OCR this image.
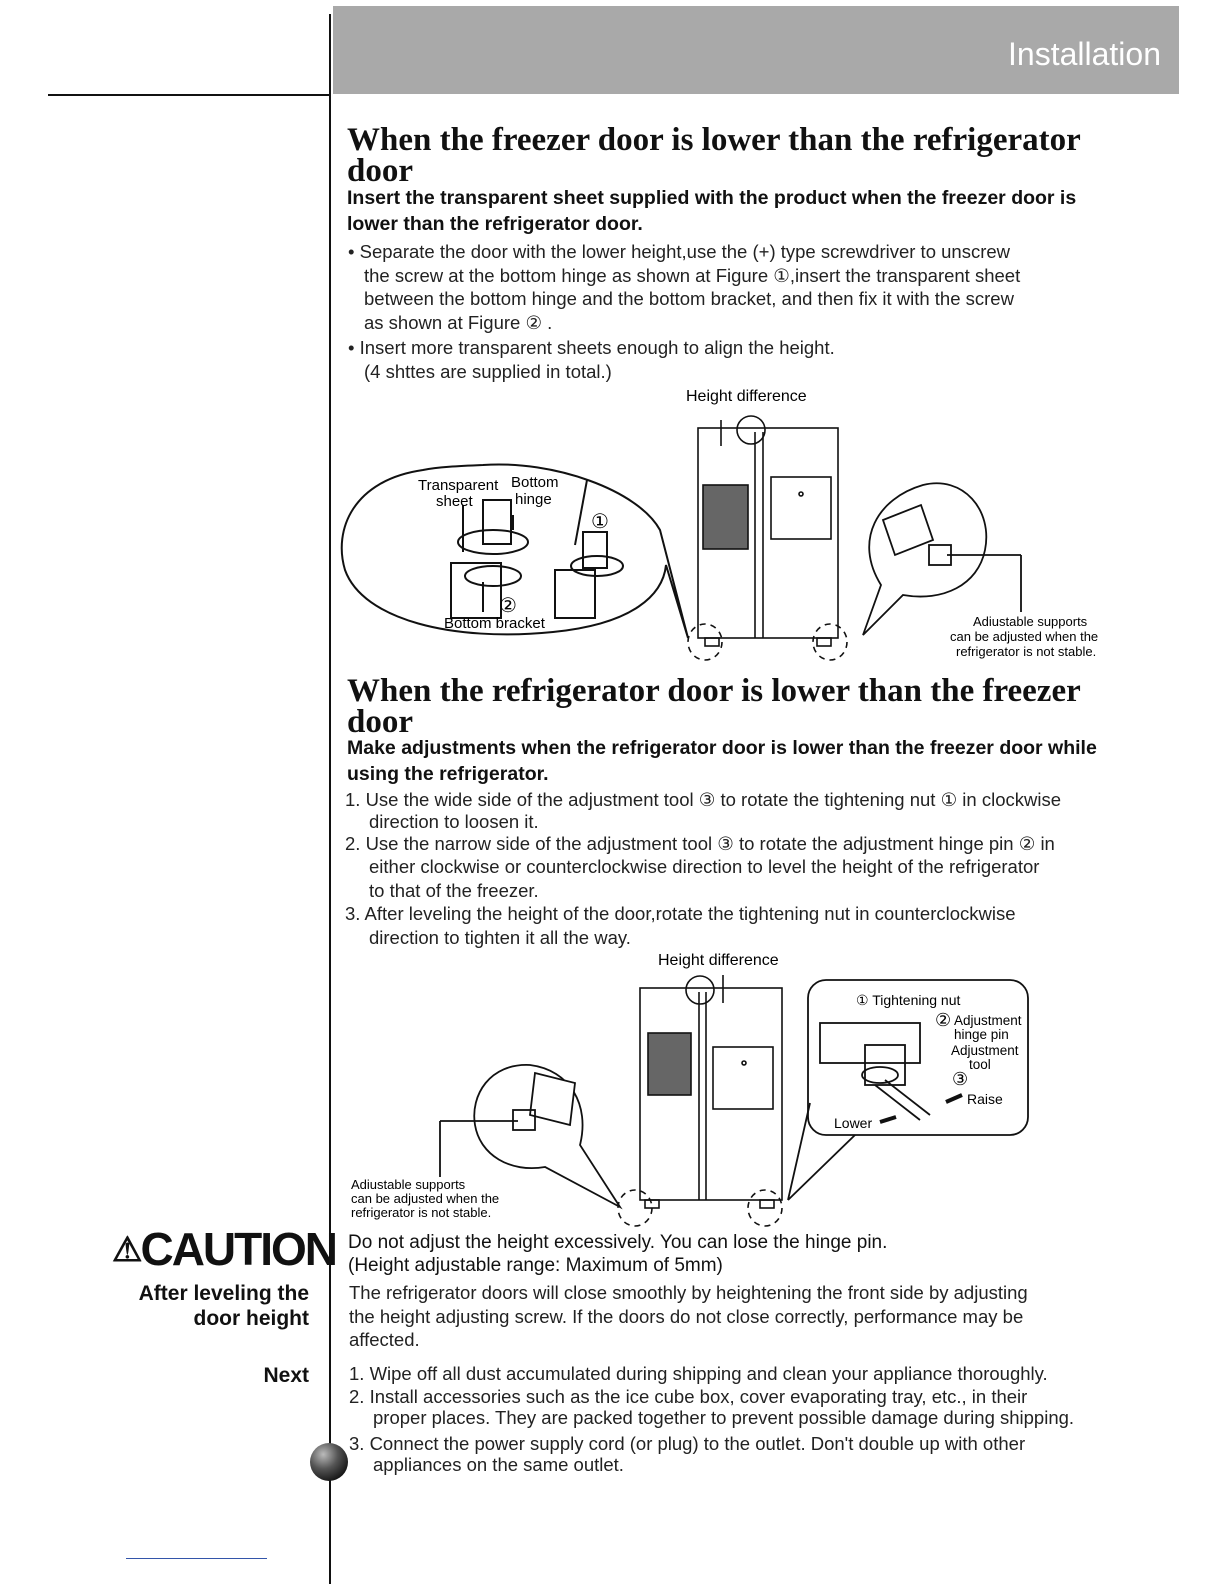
Installation
When the freezer door is lower than the refrigerator door
Insert the transparent sheet supplied with the product when the freezer door is lower than the refrigerator door.

• Separate the door with the lower height,use the (+) type screwdriver to unscrew

the screw at the bottom hinge as shown at Figure ①,insert the transparent sheet

between the bottom hinge and the bottom bracket, and then fix it with the screw

as shown at Figure ② .

• Insert more transparent sheets enough to align the height.

(4 shttes are supplied in total.)

Height difference
Transparent
sheet
Bottom
hinge
①
②
Bottom bracket	Adiustable supports
can be adjusted when the
refrigerator is not stable.
When the refrigerator door is lower than the freezer door
Make adjustments when the refrigerator door is lower than the freezer door while using the refrigerator.

1. Use the wide side of the adjustment tool ③ to rotate the tightening nut ① in clockwise

direction to loosen it.

2. Use the narrow side of the adjustment tool ③ to rotate the adjustment hinge pin ② in

either clockwise or counterclockwise direction to level the height of the refrigerator

to that of the freezer.

3. After leveling the height of the door,rotate the tightening nut in counterclockwise

direction to tighten it all the way.

Height difference
Adiustable supports
can be adjusted when the
refrigerator is not stable.
① Tightening nut
② Adjustment
hinge pin
Adjustment
tool
③
Raise
Lower
⚠CAUTION
After leveling the door height
Next
Do not adjust the height excessively. You can lose the hinge pin.
(Height adjustable range: Maximum of 5mm)

The refrigerator doors will close smoothly by heightening the front side by adjusting

the height adjusting screw. If the doors do not close correctly, performance may be

affected.

1. Wipe off all dust accumulated during shipping and clean your appliance thoroughly.

2. Install accessories such as the ice cube box, cover evaporating tray, etc., in their

proper places. They are packed together to prevent possible damage during shipping.

3. Connect the power supply cord (or plug) to the outlet. Don't double up with other

appliances on the same outlet.
